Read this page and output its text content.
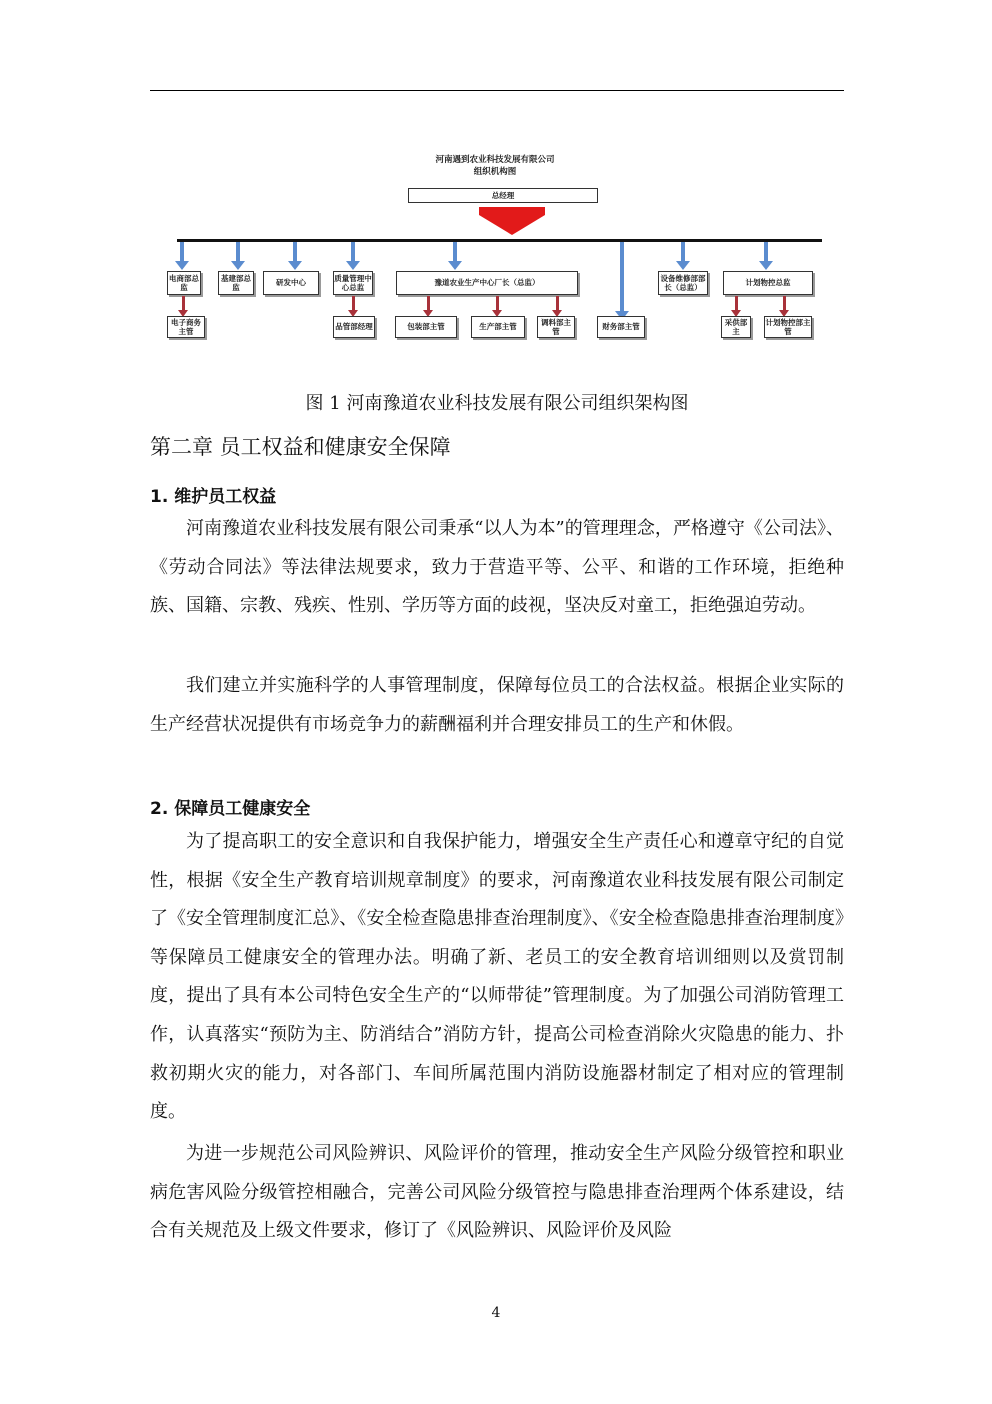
河南遇到农业科技发展有限公司
组织机构图
总经理
电商部总监
基建部总监
研发中心
质量管理中心总监
豫道农业生产中心厂长（总监）
设备维修部部长（总监）
计划物控总监
电子商务主管
品管部经理	包装部主管	生产部主管
调料部主管
财务部主管
采供部主
计划物控部主管
图 1 河南豫道农业科技发展有限公司组织架构图
第二章 员工权益和健康安全保障
1. 维护员工权益

河南豫道农业科技发展有限公司秉承“以人为本”的管理理念，严格遵守《公司法》、《劳动合同法》等法律法规要求，致力于营造平等、公平、和谐的工作环境，拒绝种族、国籍、宗教、残疾、性别、学历等方面的歧视，坚决反对童工，拒绝强迫劳动。

我们建立并实施科学的人事管理制度，保障每位员工的合法权益。根据企业实际的生产经营状况提供有市场竞争力的薪酬福利并合理安排员工的生产和休假。

2. 保障员工健康安全

为了提高职工的安全意识和自我保护能力，增强安全生产责任心和遵章守纪的自觉性，根据《安全生产教育培训规章制度》的要求，河南豫道农业科技发展有限公司制定了《安全管理制度汇总》、《安全检查隐患排查治理制度》、《安全检查隐患排查治理制度》等保障员工健康安全的管理办法。明确了新、老员工的安全教育培训细则以及赏罚制度，提出了具有本公司特色安全生产的“以师带徒”管理制度。为了加强公司消防管理工作，认真落实“预防为主、防消结合”消防方针，提高公司检查消除火灾隐患的能力、扑救初期火灾的能力，对各部门、车间所属范围内消防设施器材制定了相对应的管理制度。

为进一步规范公司风险辨识、风险评价的管理，推动安全生产风险分级管控和职业病危害风险分级管控相融合，完善公司风险分级管控与隐患排查治理两个体系建设，结合有关规范及上级文件要求，修订了《风险辨识、风险评价及风险

4
